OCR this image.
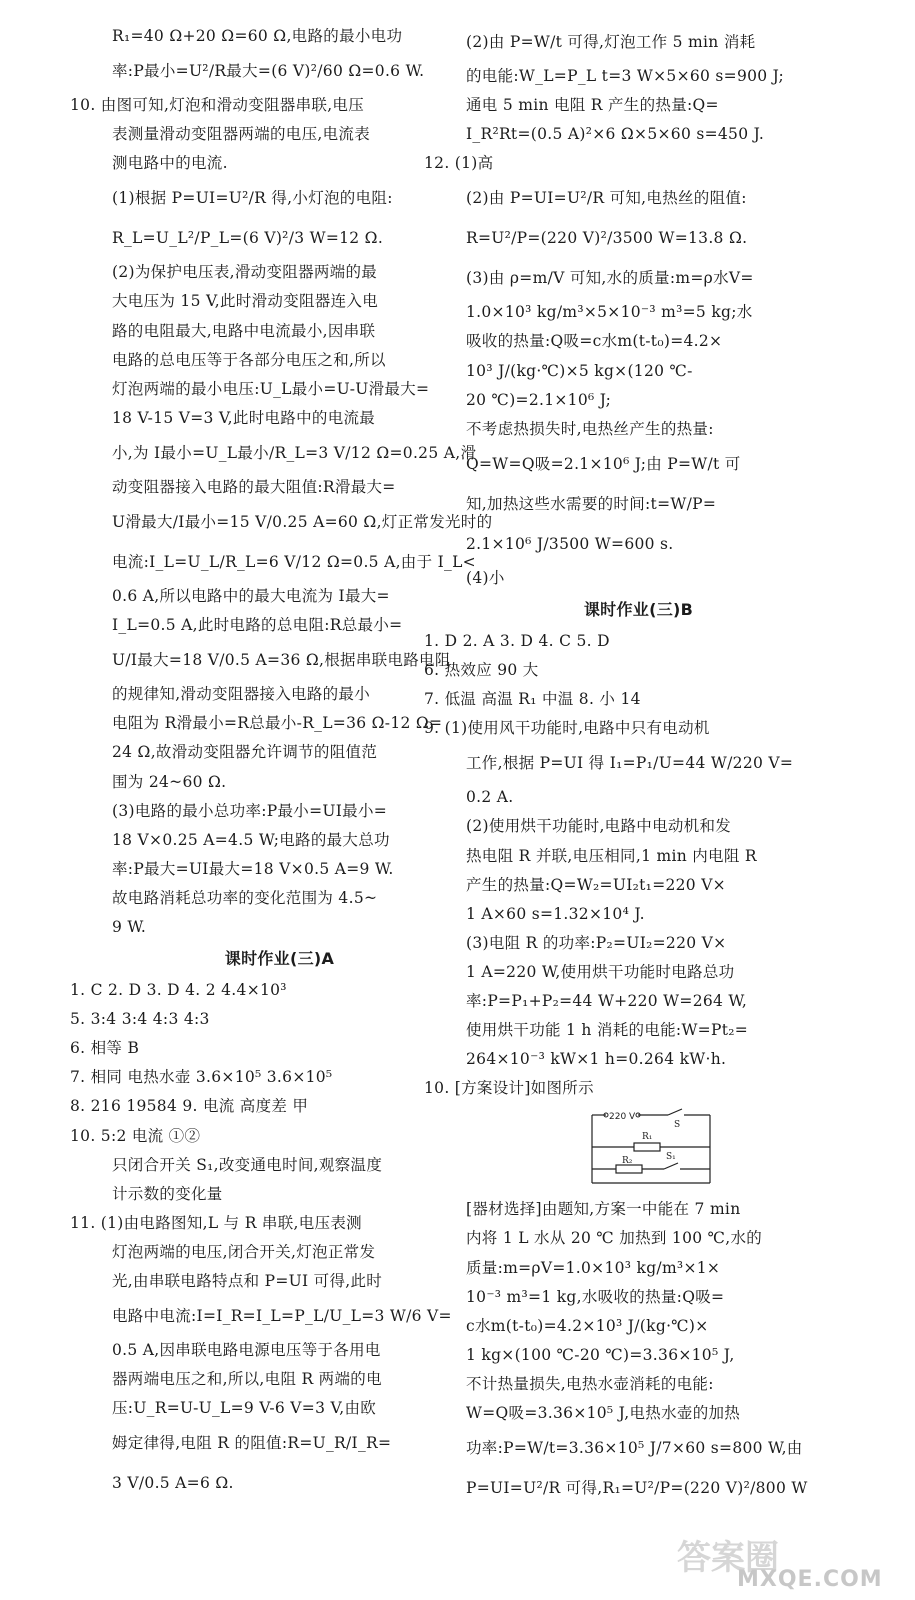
R₁=40 Ω+20 Ω=60 Ω,电路的最小电功
率:P最小=U²/R最大=(6 V)²/60 Ω=0.6 W.
10. 由图可知,灯泡和滑动变阻器串联,电压
表测量滑动变阻器两端的电压,电流表
测电路中的电流.
(1)根据 P=UI=U²/R 得,小灯泡的电阻:
R_L=U_L²/P_L=(6 V)²/3 W=12 Ω.
(2)为保护电压表,滑动变阻器两端的最
大电压为 15 V,此时滑动变阻器连入电
路的电阻最大,电路中电流最小,因串联
电路的总电压等于各部分电压之和,所以
灯泡两端的最小电压:U_L最小=U-U滑最大=
18 V-15 V=3 V,此时电路中的电流最
小,为 I最小=U_L最小/R_L=3 V/12 Ω=0.25 A,滑
动变阻器接入电路的最大阻值:R滑最大=
U滑最大/I最小=15 V/0.25 A=60 Ω,灯正常发光时的
电流:I_L=U_L/R_L=6 V/12 Ω=0.5 A,由于 I_L<
0.6 A,所以电路中的最大电流为 I最大=
I_L=0.5 A,此时电路的总电阻:R总最小=
U/I最大=18 V/0.5 A=36 Ω,根据串联电路电阻
的规律知,滑动变阻器接入电路的最小
电阻为 R滑最小=R总最小-R_L=36 Ω-12 Ω=
24 Ω,故滑动变阻器允许调节的阻值范
围为 24~60 Ω.
(3)电路的最小总功率:P最小=UI最小=
18 V×0.25 A=4.5 W;电路的最大总功
率:P最大=UI最大=18 V×0.5 A=9 W.
故电路消耗总功率的变化范围为 4.5~
9 W.
课时作业(三)A
1. C 2. D 3. D 4. 2 4.4×10³
5. 3:4 3:4 4:3 4:3
6. 相等 B
7. 相同 电热水壶 3.6×10⁵ 3.6×10⁵
8. 216 19584 9. 电流 高度差 甲
10. 5:2 电流 ①②
只闭合开关 S₁,改变通电时间,观察温度
计示数的变化量
11. (1)由电路图知,L 与 R 串联,电压表测
灯泡两端的电压,闭合开关,灯泡正常发
光,由串联电路特点和 P=UI 可得,此时
电路中电流:I=I_R=I_L=P_L/U_L=3 W/6 V=
0.5 A,因串联电路电源电压等于各用电
器两端电压之和,所以,电阻 R 两端的电
压:U_R=U-U_L=9 V-6 V=3 V,由欧
姆定律得,电阻 R 的阻值:R=U_R/I_R=
3 V/0.5 A=6 Ω.
(2)由 P=W/t 可得,灯泡工作 5 min 消耗
的电能:W_L=P_L t=3 W×5×60 s=900 J;
通电 5 min 电阻 R 产生的热量:Q=
I_R²Rt=(0.5 A)²×6 Ω×5×60 s=450 J.
12. (1)高
(2)由 P=UI=U²/R 可知,电热丝的阻值:
R=U²/P=(220 V)²/3500 W=13.8 Ω.
(3)由 ρ=m/V 可知,水的质量:m=ρ水V=
1.0×10³ kg/m³×5×10⁻³ m³=5 kg;水
吸收的热量:Q吸=c水m(t-t₀)=4.2×
10³ J/(kg·℃)×5 kg×(120 ℃-
20 ℃)=2.1×10⁶ J;
不考虑热损失时,电热丝产生的热量:
Q=W=Q吸=2.1×10⁶ J;由 P=W/t 可
知,加热这些水需要的时间:t=W/P=
2.1×10⁶ J/3500 W=600 s.
(4)小
课时作业(三)B
1. D 2. A 3. D 4. C 5. D
6. 热效应 90 大
7. 低温 高温 R₁ 中温 8. 小 14
9. (1)使用风干功能时,电路中只有电动机
工作,根据 P=UI 得 I₁=P₁/U=44 W/220 V=
0.2 A.
(2)使用烘干功能时,电路中电动机和发
热电阻 R 并联,电压相同,1 min 内电阻 R
产生的热量:Q=W₂=UI₂t₁=220 V×
1 A×60 s=1.32×10⁴ J.
(3)电阻 R 的功率:P₂=UI₂=220 V×
1 A=220 W,使用烘干功能时电路总功
率:P=P₁+P₂=44 W+220 W=264 W,
使用烘干功能 1 h 消耗的电能:W=Pt₂=
264×10⁻³ kW×1 h=0.264 kW·h.
10. [方案设计]如图所示
220 V
S
R₁
R₂	S₁
[器材选择]由题知,方案一中能在 7 min
内将 1 L 水从 20 ℃ 加热到 100 ℃,水的
质量:m=ρV=1.0×10³ kg/m³×1×
10⁻³ m³=1 kg,水吸收的热量:Q吸=
c水m(t-t₀)=4.2×10³ J/(kg·℃)×
1 kg×(100 ℃-20 ℃)=3.36×10⁵ J,
不计热量损失,电热水壶消耗的电能:
W=Q吸=3.36×10⁵ J,电热水壶的加热
功率:P=W/t=3.36×10⁵ J/7×60 s=800 W,由
P=UI=U²/R 可得,R₁=U²/P=(220 V)²/800 W
答案圈
MXQE.COM
